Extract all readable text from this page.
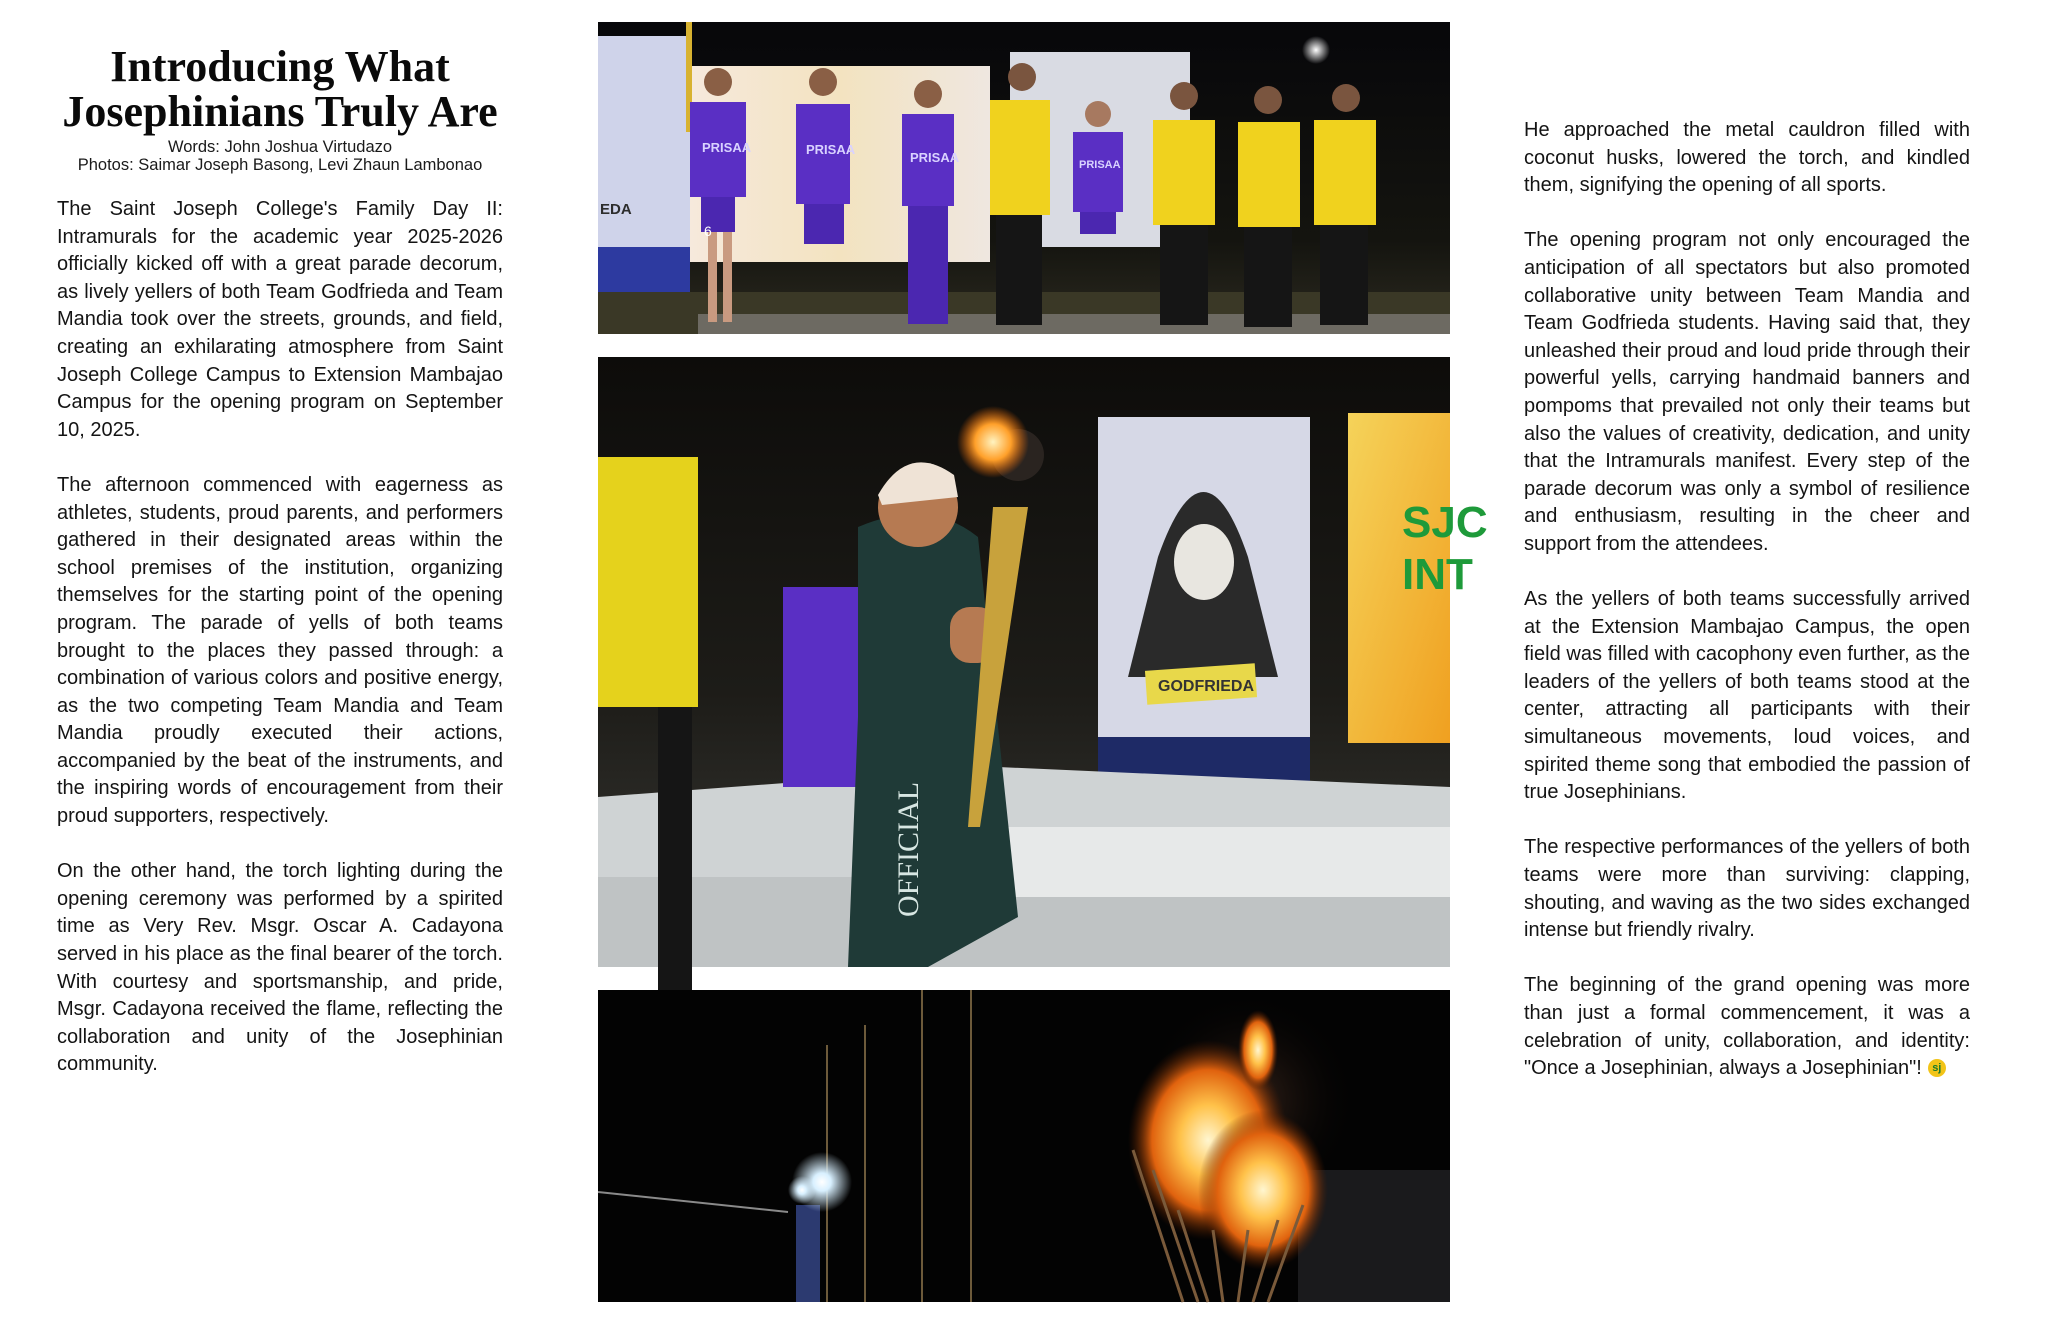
Introducing What
Josephinians Truly Are
Words: John Joshua Virtudazo
Photos: Saimar Joseph Basong, Levi Zhaun Lambonao

The Saint Joseph College's Family Day II: Intramurals for the academic year 2025-2026 officially kicked off with a great parade decorum, as lively yellers of both Team Godfrieda and Team Mandia took over the streets, grounds, and field, creating an exhilarating atmosphere from Saint Joseph College Campus to Extension Mambajao Campus for the opening program on September 10, 2025.

The afternoon commenced with eagerness as athletes, students, proud parents, and performers gathered in their designated areas within the school premises of the institution, organizing themselves for the starting point of the opening program. The parade of yells of both teams brought to the places they passed through: a combination of various colors and positive energy, as the two competing Team Mandia and Team Mandia proudly executed their actions, accompanied by the beat of the instruments, and the inspiring words of encouragement from their proud supporters, respectively.

On the other hand, the torch lighting during the opening ceremony was performed by a spirited time as Very Rev. Msgr. Oscar A. Cadayona served in his place as the final bearer of the torch. With courtesy and sportsmanship, and pride, Msgr. Cadayona received the flame, reflecting the collaboration and unity of the Josephinian community.

PRISAA	PRISAA
PRISAA	PRISAA
6
EDA
GODFRIEDA
SJC
INT
OFFICIAL

He approached the metal cauldron filled with coconut husks, lowered the torch, and kindled them, signifying the opening of all sports.

The opening program not only encouraged the anticipation of all spectators but also promoted collaborative unity between Team Mandia and Team Godfrieda students. Having said that, they unleashed their proud and loud pride through their powerful yells, carrying handmaid banners and pompoms that prevailed not only their teams but also the values of creativity, dedication, and unity that the Intramurals manifest. Every step of the parade decorum was only a symbol of resilience and enthusiasm, resulting in the cheer and support from the attendees.

As the yellers of both teams successfully arrived at the Extension Mambajao Campus, the open field was filled with cacophony even further, as the leaders of the yellers of both teams stood at the center, attracting all participants with their simultaneous movements, loud voices, and spirited theme song that embodied the passion of true Josephinians.

The respective performances of the yellers of both teams were more than surviving: clapping, shouting, and waving as the two sides exchanged intense but friendly rivalry.

The beginning of the grand opening was more than just a formal commencement, it was a celebration of unity, collaboration, and identity: "Once a Josephinian, always a Josephinian"! sj
